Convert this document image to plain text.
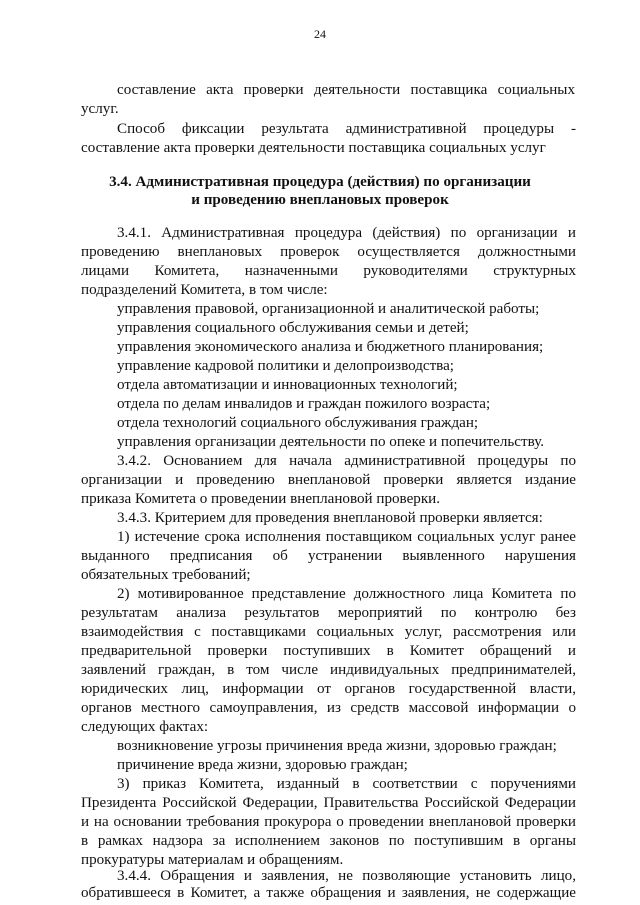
24
составление акта проверки деятельности поставщика социальных
услуг.
Способ фиксации результата административной процедуры -
составление акта проверки деятельности поставщика социальных услуг
3.4. Административная процедура (действия) по организации
и проведению внеплановых проверок
3.4.1. Административная процедура (действия) по организации и
проведению внеплановых проверок осуществляется должностными
лицами Комитета, назначенными руководителями структурных
подразделений Комитета, в том числе:
управления правовой, организационной и аналитической работы;
управления социального обслуживания семьи и детей;
управления экономического анализа и бюджетного планирования;
управление кадровой политики и делопроизводства;
отдела автоматизации и инновационных технологий;
отдела по делам инвалидов и граждан пожилого возраста;
отдела технологий социального обслуживания граждан;
управления организации деятельности по опеке и попечительству.
3.4.2. Основанием для начала административной процедуры по
организации и проведению внеплановой проверки является издание
приказа Комитета о проведении внеплановой проверки.
3.4.3. Критерием для проведения внеплановой проверки является:
1) истечение срока исполнения поставщиком социальных услуг ранее
выданного предписания об устранении выявленного нарушения
обязательных требований;
2) мотивированное представление должностного лица Комитета по
результатам анализа результатов мероприятий по контролю без
взаимодействия с поставщиками социальных услуг, рассмотрения или
предварительной проверки поступивших в Комитет обращений и
заявлений граждан, в том числе индивидуальных предпринимателей,
юридических лиц, информации от органов государственной власти,
органов местного самоуправления, из средств массовой информации о
следующих фактах:
возникновение угрозы причинения вреда жизни, здоровью граждан;
причинение вреда жизни, здоровью граждан;
3) приказ Комитета, изданный в соответствии с поручениями
Президента Российской Федерации, Правительства Российской Федерации
и на основании требования прокурора о проведении внеплановой проверки
в рамках надзора за исполнением законов по поступившим в органы
прокуратуры материалам и обращениям.
3.4.4. Обращения и заявления, не позволяющие установить лицо,
обратившееся в Комитет, а также обращения и заявления, не содержащие
